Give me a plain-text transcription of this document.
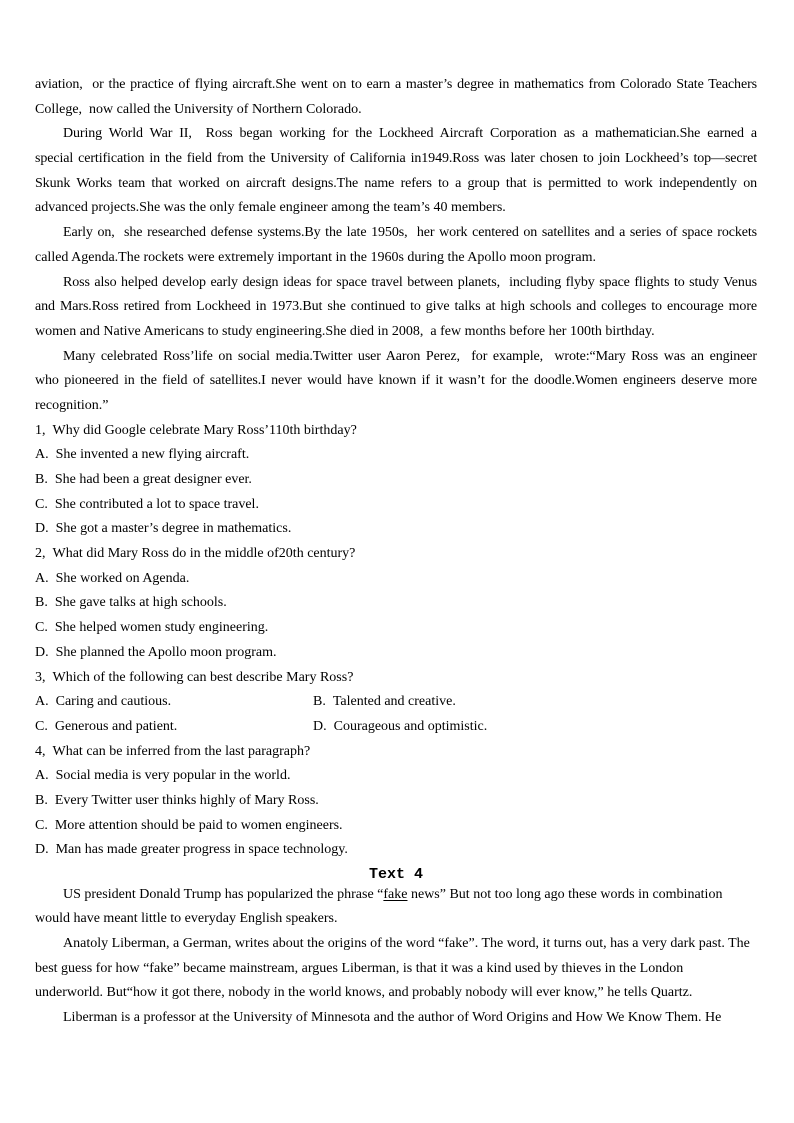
aviation,  or the practice of flying aircraft.She went on to earn a master’s degree in mathematics from Colorado State Teachers
College,  now called the University of Northern Colorado.
During World War II,  Ross began working for the Lockheed Aircraft Corporation as a mathematician.She earned a
special certification in the field from the University of California in1949.Ross was later chosen to join Lockheed’s top—secret
Skunk Works team that worked on aircraft designs.The name refers to a group that is permitted to work independently on
advanced projects.She was the only female engineer among the team’s 40 members.
Early on,  she researched defense systems.By the late 1950s,  her work centered on satellites and a series of space rockets
called Agenda.The rockets were extremely important in the 1960s during the Apollo moon program.
Ross also helped develop early design ideas for space travel between planets,  including flyby space flights to study Venus
and Mars.Ross retired from Lockheed in 1973.But she continued to give talks at high schools and colleges to encourage more
women and Native Americans to study engineering.She died in 2008,  a few months before her 100th birthday.
Many celebrated Ross’life on social media.Twitter user Aaron Perez,  for example,  wrote:“Mary Ross was an engineer
who pioneered in the field of satellites.I never would have known if it wasn’t for the doodle.Women engineers deserve more
recognition.”
1,  Why did Google celebrate Mary Ross’110th birthday?
A.  She invented a new flying aircraft.
B.  She had been a great designer ever.
C.  She contributed a lot to space travel.
D.  She got a master’s degree in mathematics.
2,  What did Mary Ross do in the middle of20th century?
A.  She worked on Agenda.
B.  She gave talks at high schools.
C.  She helped women study engineering.
D.  She planned the Apollo moon program.
3,  Which of the following can best describe Mary Ross?
A.  Caring and cautious.	B.  Talented and creative.
C.  Generous and patient.	D.  Courageous and optimistic.
4,  What can be inferred from the last paragraph?
A.  Social media is very popular in the world.
B.  Every Twitter user thinks highly of Mary Ross.
C.  More attention should be paid to women engineers.
D.  Man has made greater progress in space technology.
Text 4
US president Donald Trump has popularized the phrase “fake news” But not too long ago these words in combination
would have meant little to everyday English speakers.
Anatoly Liberman, a German, writes about the origins of the word “fake”. The word, it turns out, has a very dark past. The
best guess for how “fake” became mainstream, argues Liberman, is that it was a kind used by thieves in the London
underworld. But“how it got there, nobody in the world knows, and probably nobody will ever know,” he tells Quartz.
Liberman is a professor at the University of Minnesota and the author of Word Origins and How We Know Them. He
